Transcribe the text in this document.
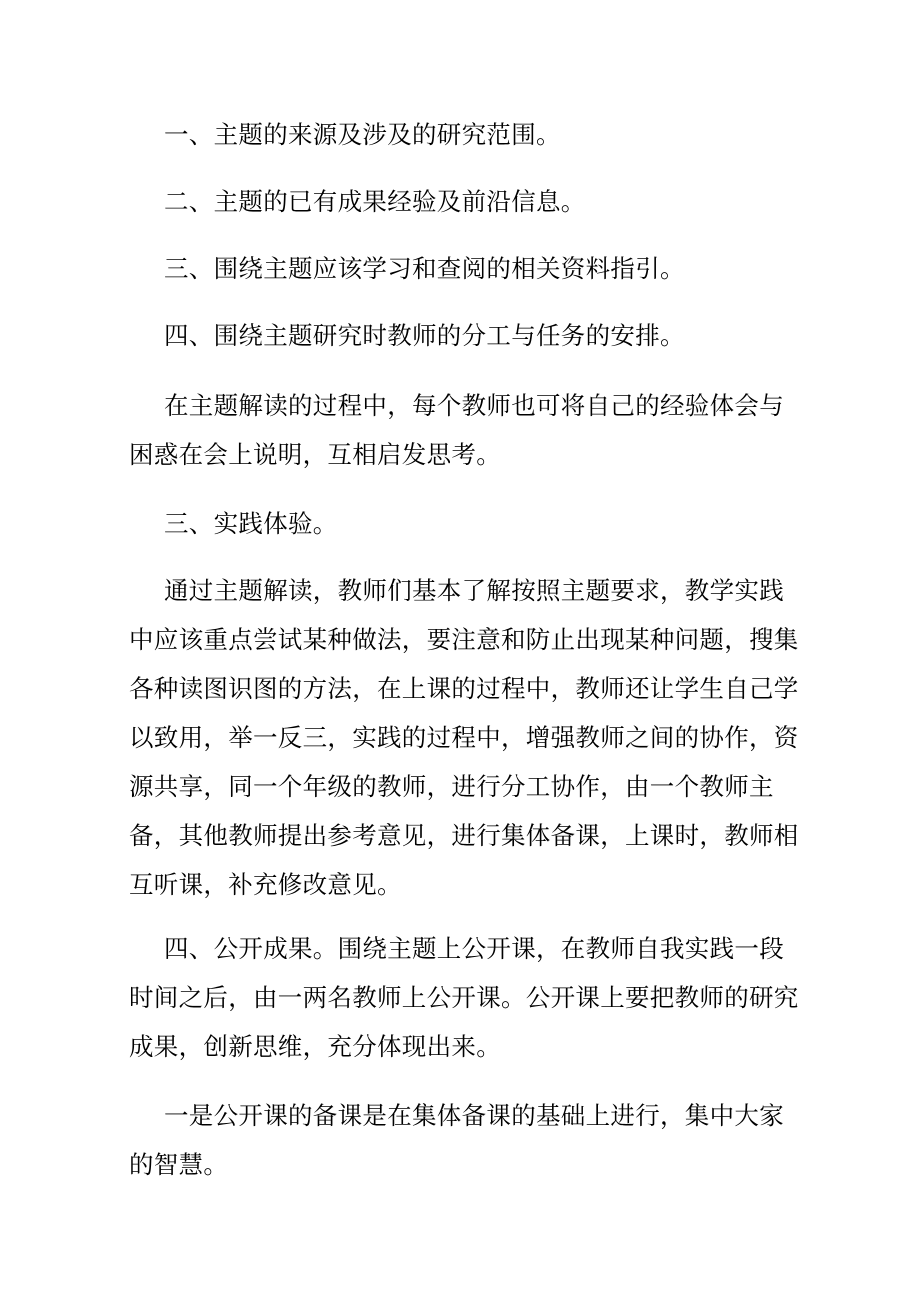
一、主题的来源及涉及的研究范围。

二、主题的已有成果经验及前沿信息。

三、围绕主题应该学习和查阅的相关资料指引。

四、围绕主题研究时教师的分工与任务的安排。

在主题解读的过程中，每个教师也可将自己的经验体会与困惑在会上说明，互相启发思考。

三、实践体验。

通过主题解读，教师们基本了解按照主题要求，教学实践中应该重点尝试某种做法，要注意和防止出现某种问题，搜集各种读图识图的方法，在上课的过程中，教师还让学生自己学以致用，举一反三，实践的过程中，增强教师之间的协作，资源共享，同一个年级的教师，进行分工协作，由一个教师主备，其他教师提出参考意见，进行集体备课，上课时，教师相互听课，补充修改意见。

四、公开成果。围绕主题上公开课，在教师自我实践一段时间之后，由一两名教师上公开课。公开课上要把教师的研究成果，创新思维，充分体现出来。

一是公开课的备课是在集体备课的基础上进行，集中大家的智慧。
